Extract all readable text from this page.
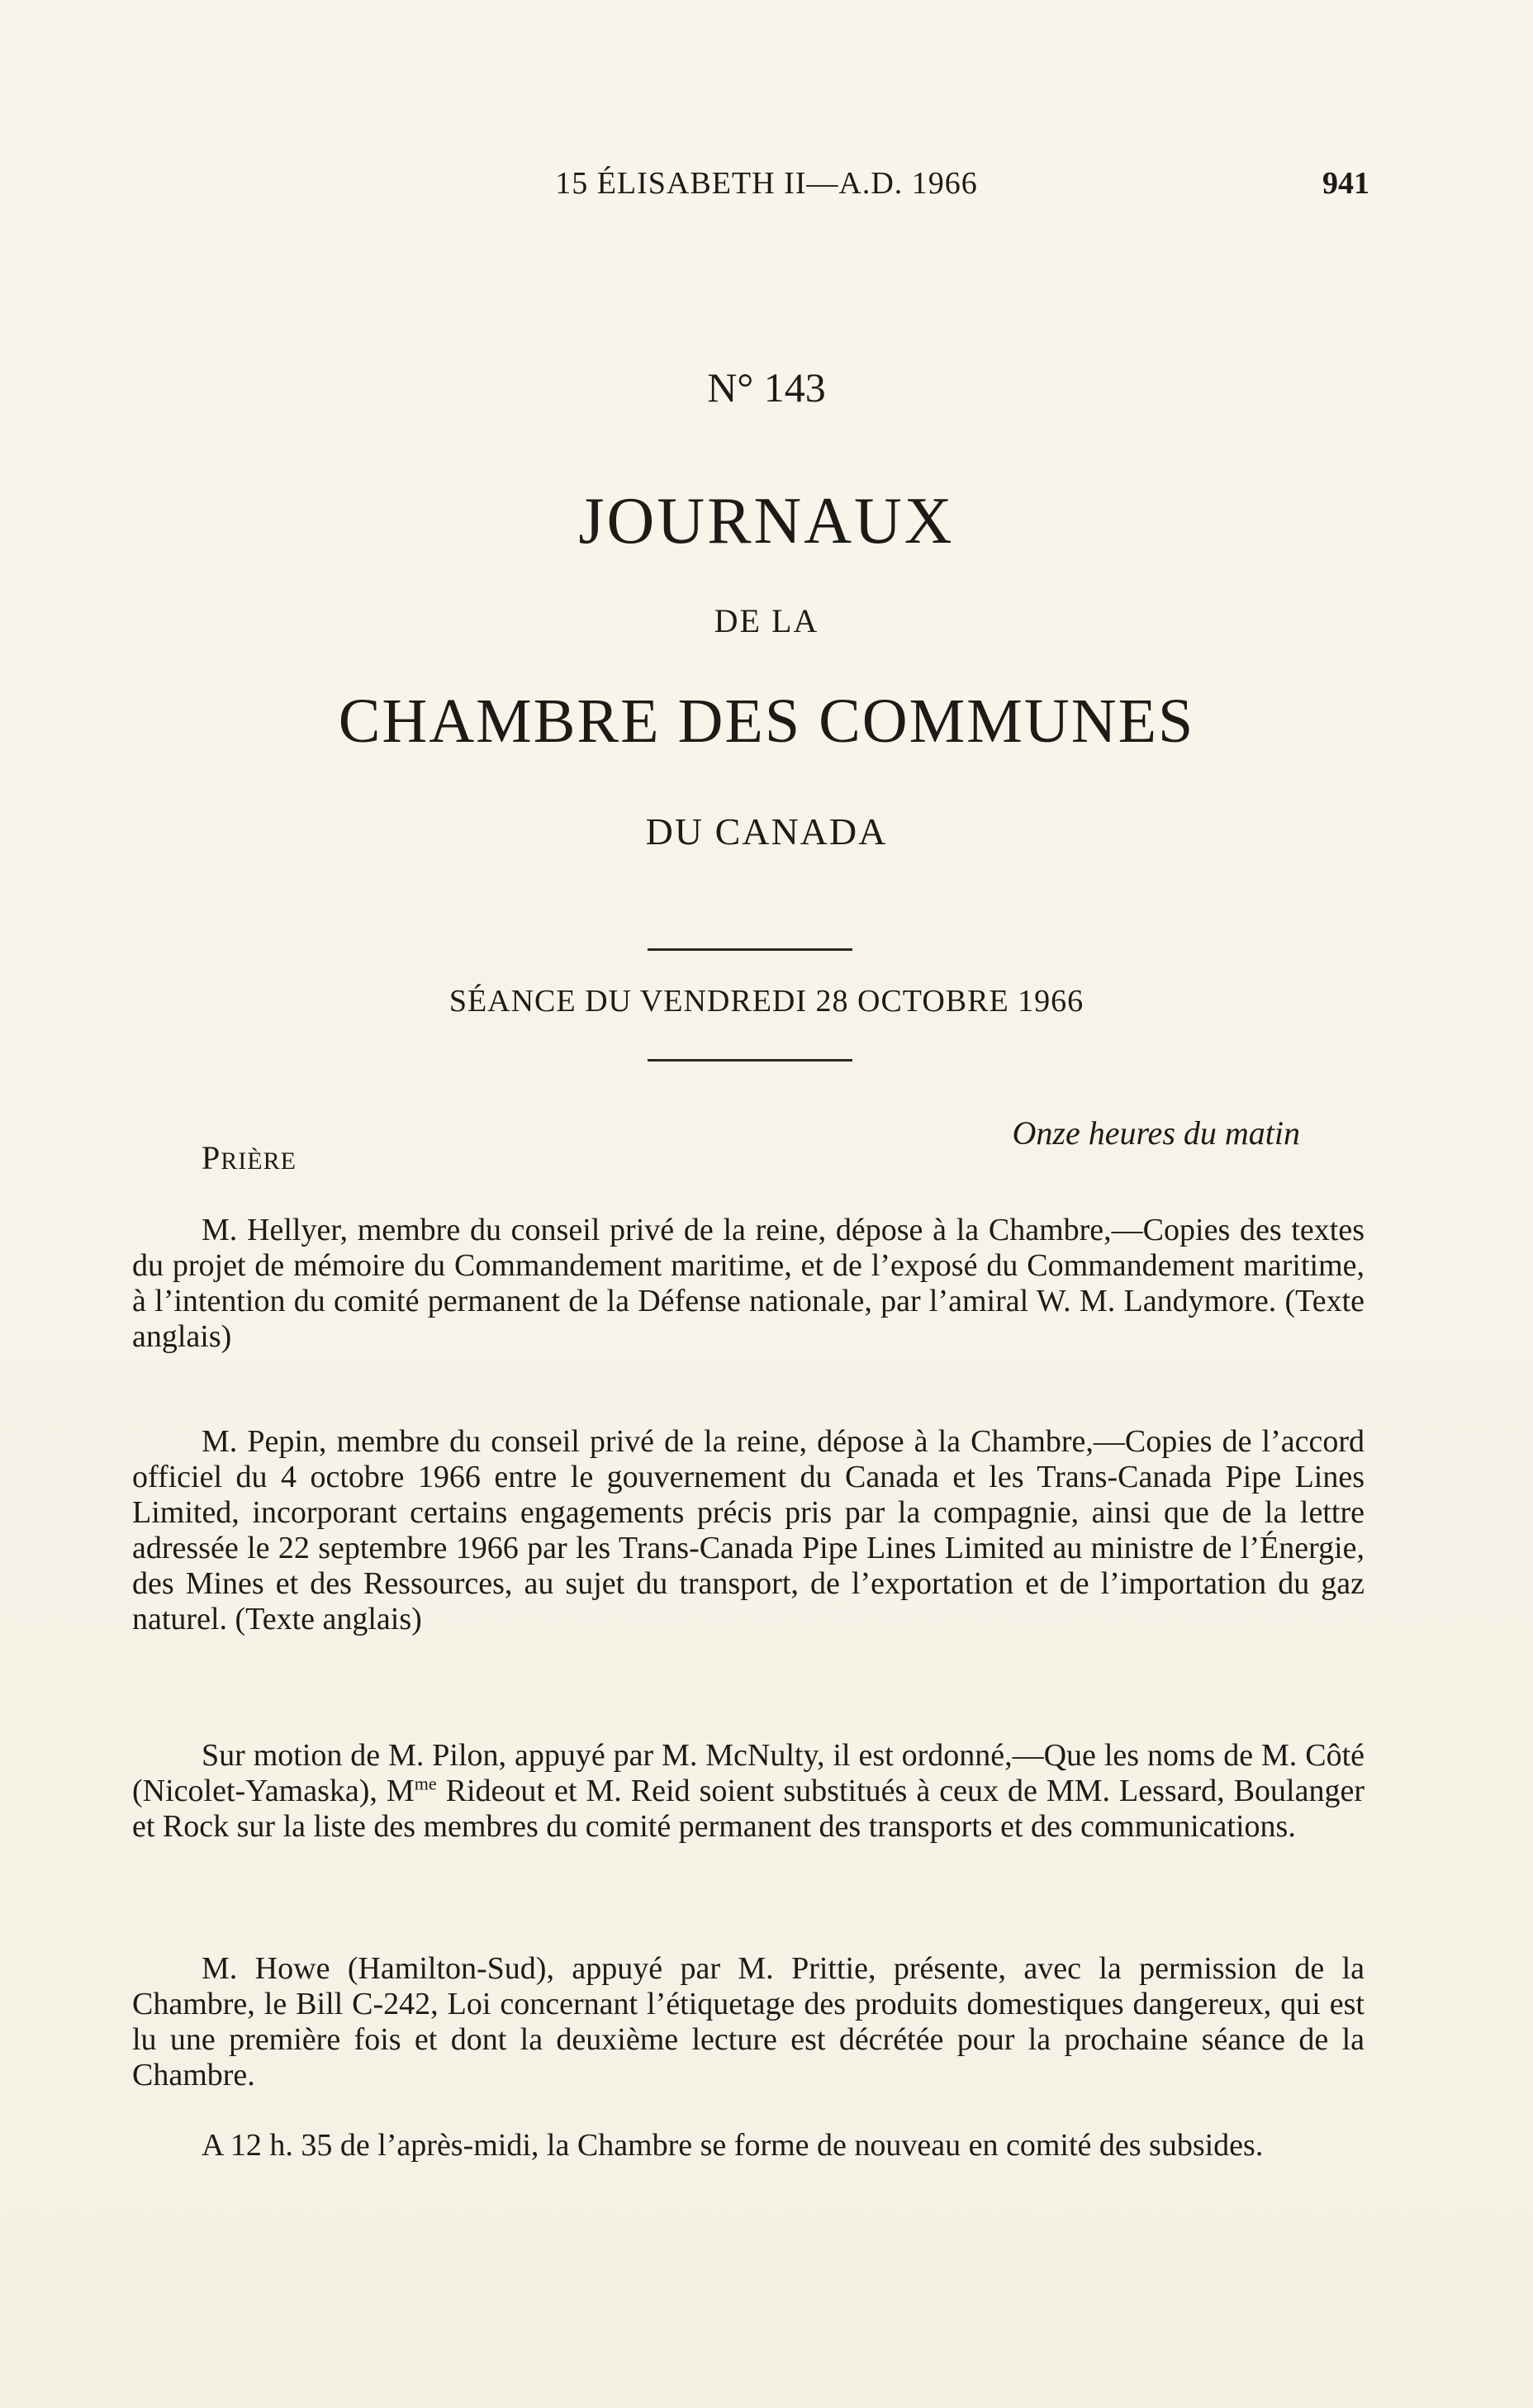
15 ÉLISABETH II—A.D. 1966	941
N° 143
JOURNAUX
DE LA
CHAMBRE DES COMMUNES
DU CANADA
SÉANCE DU VENDREDI 28 OCTOBRE 1966
Onze heures du matin
PRIÈRE

M. Hellyer, membre du conseil privé de la reine, dépose à la Chambre,—Copies des textes du projet de mémoire du Commandement maritime, et de l’exposé du Commandement maritime, à l’intention du comité permanent de la Défense nationale, par l’amiral W. M. Landymore. (Texte anglais)

M. Pepin, membre du conseil privé de la reine, dépose à la Chambre,—Copies de l’accord officiel du 4 octobre 1966 entre le gouvernement du Canada et les Trans-Canada Pipe Lines Limited, incorporant certains engagements précis pris par la compagnie, ainsi que de la lettre adressée le 22 septembre 1966 par les Trans-Canada Pipe Lines Limited au ministre de l’Énergie, des Mines et des Ressources, au sujet du transport, de l’exportation et de l’importation du gaz naturel. (Texte anglais)

Sur motion de M. Pilon, appuyé par M. McNulty, il est ordonné,—Que les noms de M. Côté (Nicolet-Yamaska), $M^{me}$ Rideout et M. Reid soient substitués à ceux de MM. Lessard, Boulanger et Rock sur la liste des membres du comité permanent des transports et des communications.

M. Howe (Hamilton-Sud), appuyé par M. Prittie, présente, avec la permission de la Chambre, le Bill C-242, Loi concernant l’étiquetage des produits domestiques dangereux, qui est lu une première fois et dont la deuxième lecture est décrétée pour la prochaine séance de la Chambre.

A 12 h. 35 de l’après-midi, la Chambre se forme de nouveau en comité des subsides.
